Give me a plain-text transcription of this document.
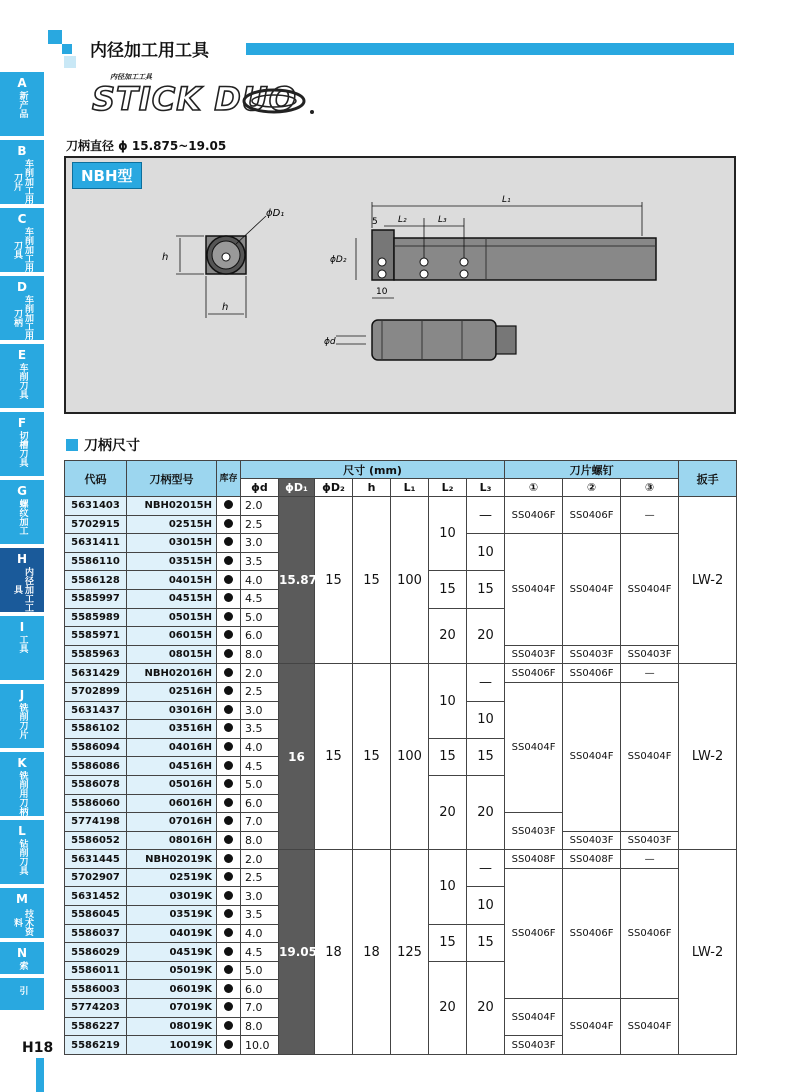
内径加工用工具
内径加工工具
STICK DUO
刀柄直径 ϕ 15.875~19.05
h
h
ϕD₁
5 L₂	L₃
L₁
ϕD₂
10
ϕd
NBH型
刀柄尺寸
A
新产品
B
车削加工用刀片
C
车削加工用刀具
D
车削加工用刀柄
E
车削刀具
F
切槽刀具
G
螺纹加工
H
内径加工工具
I
工具
J
铣削刀片
K
铣削用刀柄
L
钻削刀具
M
技术资料
N
索
引
H18
代码	刀柄型号	库存	尺寸 (mm)							刀片螺钉			扳手
			ϕd	ϕD₁	ϕD₂	h	L₁	L₂	L₃	①	②	③	
5631403	NBH02015H		2.0	15.875	15	15	100	10	—	SS0406F	SS0406F	—	LW-2
5702915	02515H		2.5										
5631411	03015H		3.0						10	SS0404F	SS0404F	SS0404F	
5586110	03515H		3.5										
5586128	04015H		4.0					15	15				
5585997	04515H		4.5										
5585989	05015H		5.0					20	20				
5585971	06015H		6.0										
5585963	08015H		8.0							SS0403F	SS0403F	SS0403F	
5631429	NBH02016H		2.0	16	15	15	100	10	—	SS0406F	SS0406F	—	LW-2
5702899	02516H		2.5							SS0404F	SS0404F	SS0404F	
5631437	03016H		3.0						10				
5586102	03516H		3.5										
5586094	04016H		4.0					15	15				
5586086	04516H		4.5										
5586078	05016H		5.0					20	20				
5586060	06016H		6.0										
5774198	07016H		7.0							SS0403F			
5586052	08016H		8.0								SS0403F	SS0403F	
5631445	NBH02019K		2.0	19.05	18	18	125	10	—	SS0408F	SS0408F	—	LW-2
5702907	02519K		2.5							SS0406F	SS0406F	SS0406F	
5631452	03019K		3.0						10				
5586045	03519K		3.5										
5586037	04019K		4.0					15	15				
5586029	04519K		4.5										
5586011	05019K		5.0					20	20				
5586003	06019K		6.0										
5774203	07019K		7.0							SS0404F	SS0404F	SS0404F	
5586227	08019K		8.0										
5586219	10019K		10.0							SS0403F			
